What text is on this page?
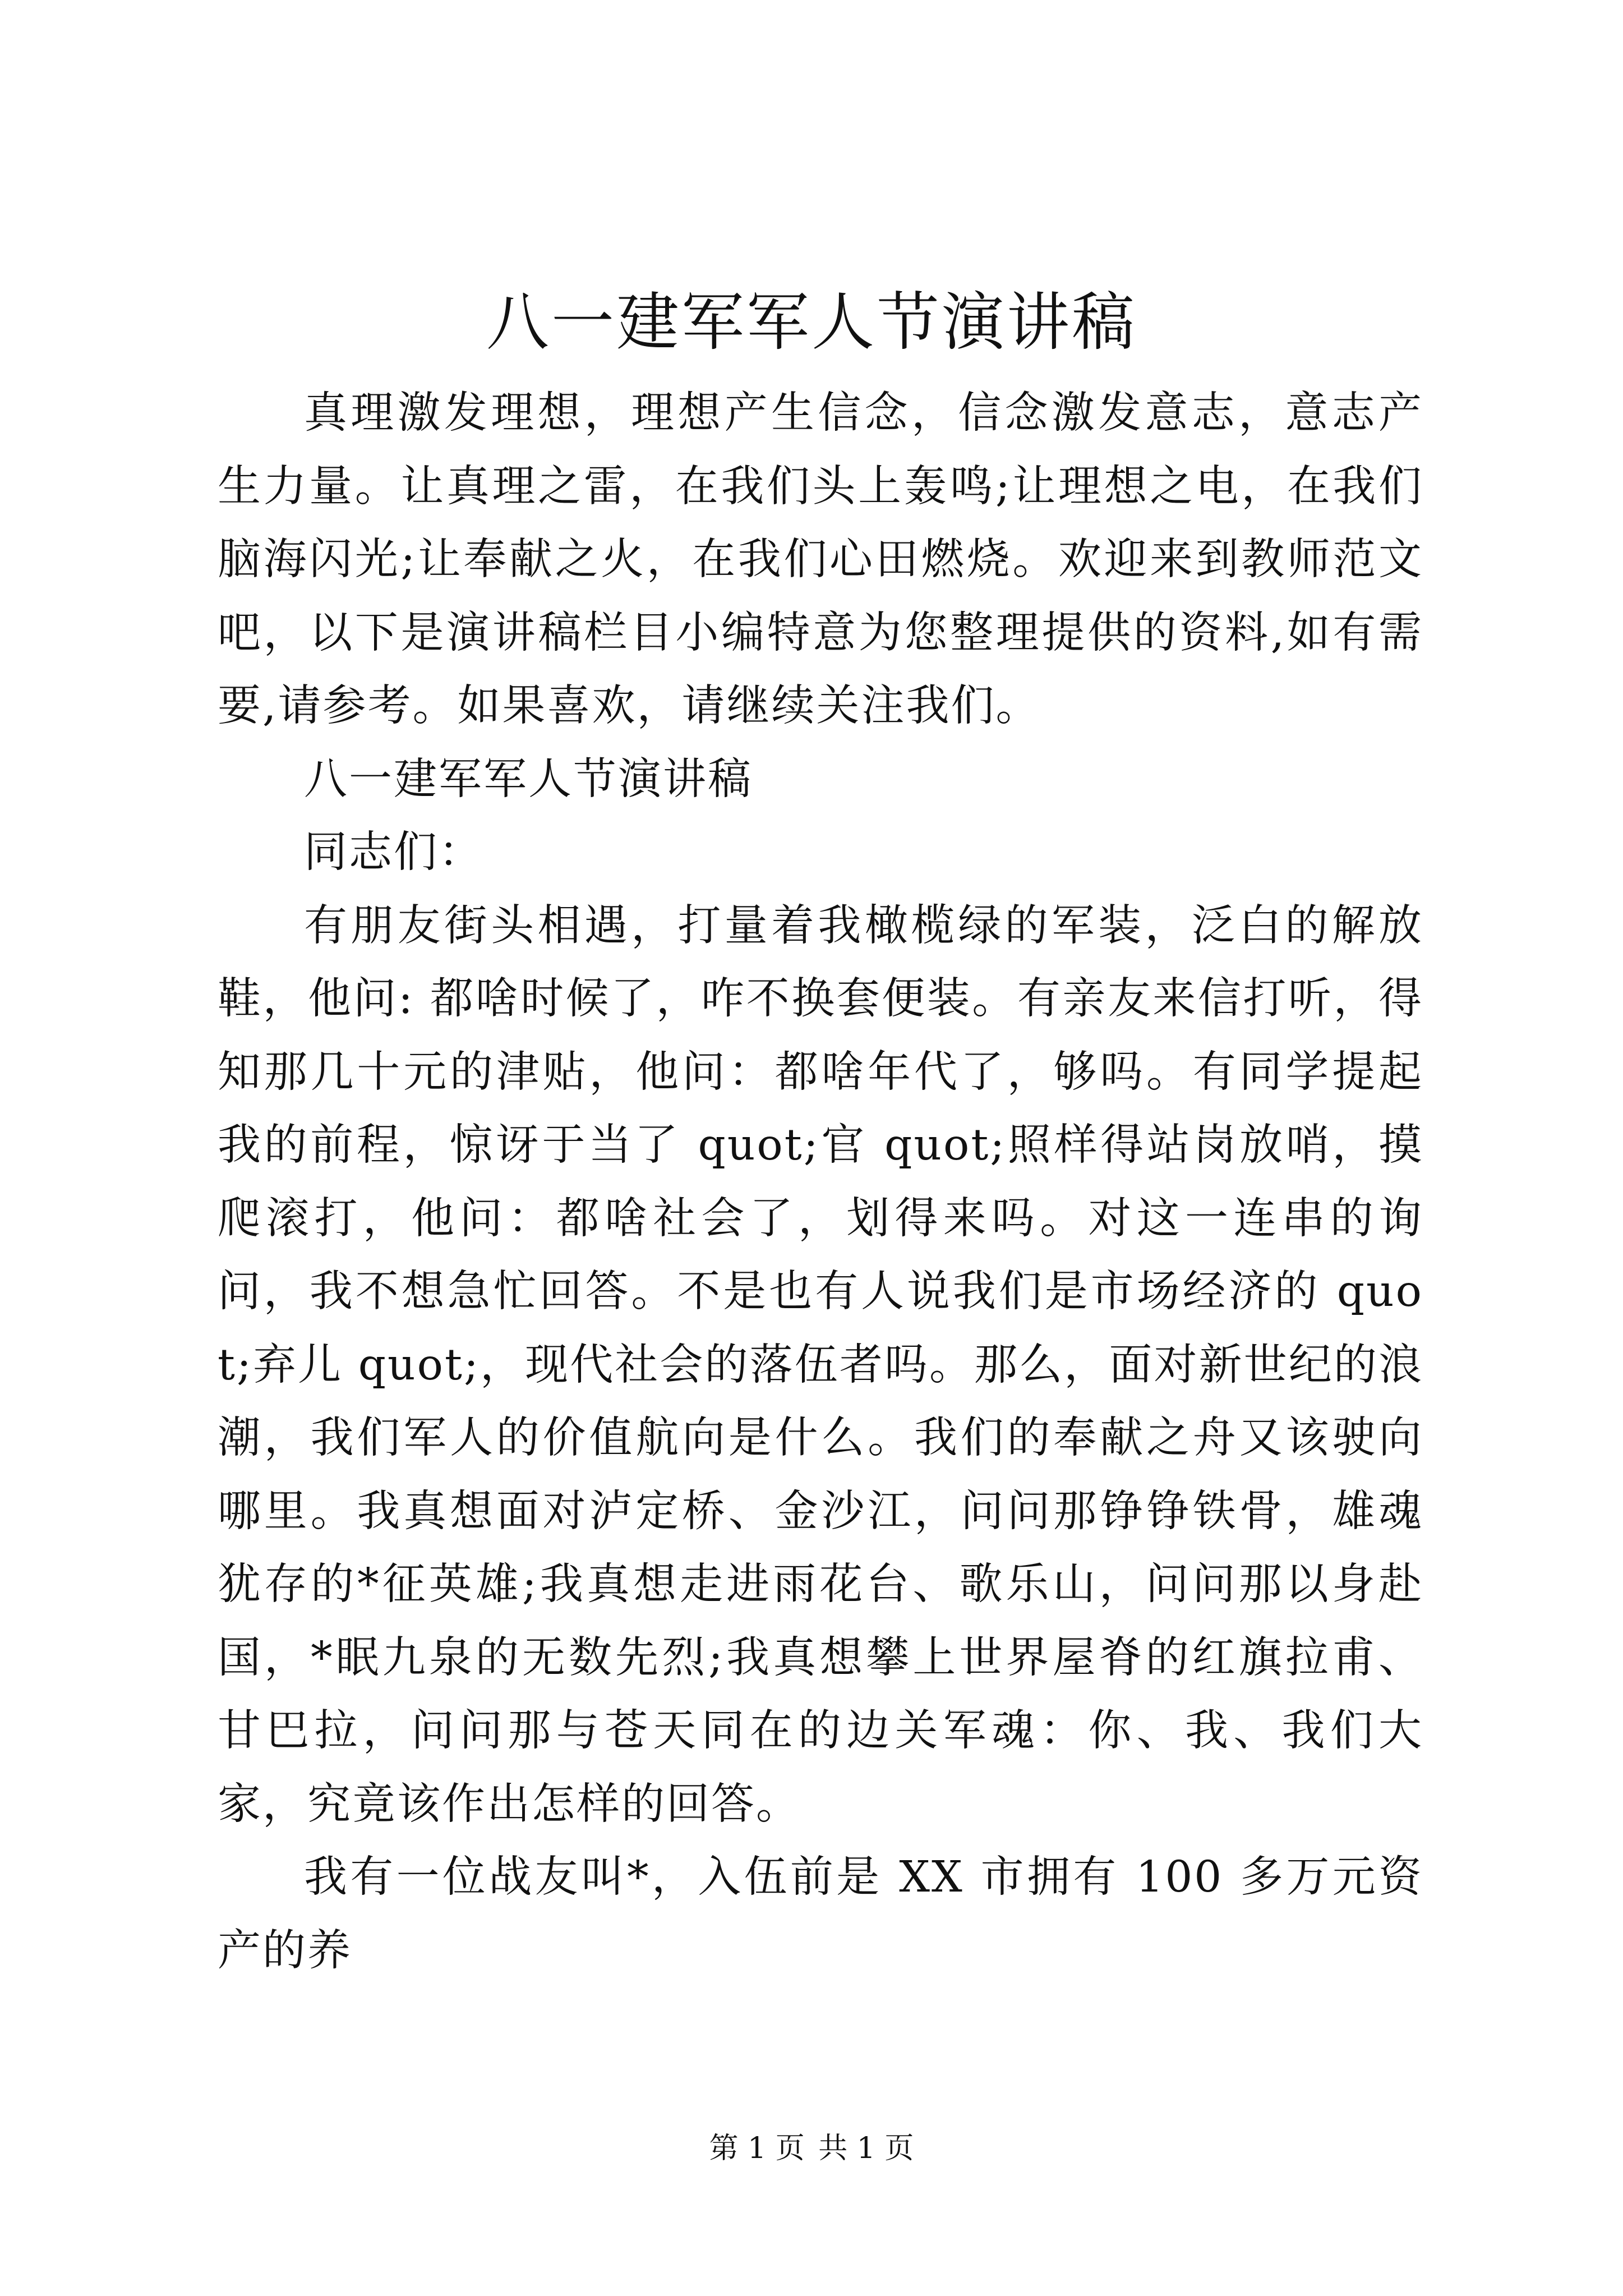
八一建军军人节演讲稿

真理激发理想，理想产生信念，信念激发意志，意志产生力量。让真理之雷，在我们头上轰鸣;让理想之电，在我们脑海闪光;让奉献之火，在我们心田燃烧。欢迎来到教师范文吧，以下是演讲稿栏目小编特意为您整理提供的资料,如有需要,请参考。如果喜欢，请继续关注我们。

八一建军军人节演讲稿

同志们：

有朋友街头相遇，打量着我橄榄绿的军装，泛白的解放鞋，他问: 都啥时候了，咋不换套便装。有亲友来信打听，得知那几十元的津贴，他问：都啥年代了，够吗。有同学提起我的前程，惊讶于当了 quot;官 quot;照样得站岗放哨，摸爬滚打，他问：都啥社会了，划得来吗。对这一连串的询问，我不想急忙回答。不是也有人说我们是市场经济的 quot;弃儿 quot;，现代社会的落伍者吗。那么，面对新世纪的浪潮，我们军人的价值航向是什么。我们的奉献之舟又该驶向哪里。我真想面对泸定桥、金沙江，问问那铮铮铁骨，雄魂犹存的*征英雄;我真想走进雨花台、歌乐山，问问那以身赴国，*眠九泉的无数先烈;我真想攀上世界屋脊的红旗拉甫、甘巴拉，问问那与苍天同在的边关军魂：你、我、我们大家，究竟该作出怎样的回答。

我有一位战友叫*，入伍前是 XX 市拥有 100 多万元资产的养

第 1 页 共 1 页
